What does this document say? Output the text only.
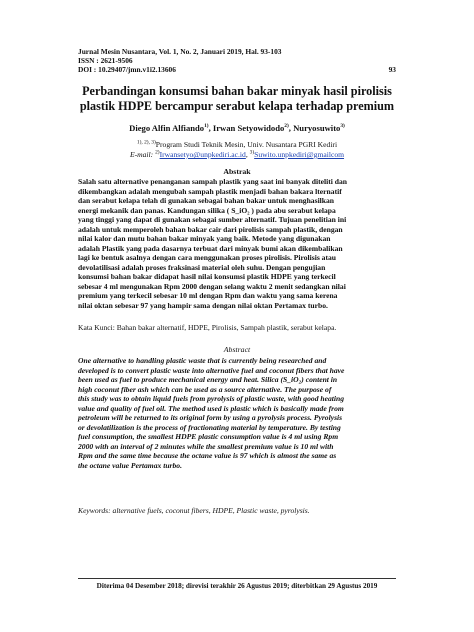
Jurnal Mesin Nusantara, Vol. 1, No. 2, Januari 2019, Hal. 93-103
ISSN : 2621-9506
DOI : 10.29407/jmn.v1i2.13606	93
Perbandingan konsumsi bahan bakar minyak hasil pirolisis
plastik HDPE bercampur serabut kelapa terhadap premium
Diego Alfin Alfiando$^{1)}$, Irwan Setyowidodo$^{2)}$, Nuryosuwito$^{3)}$
$^{1), 2), 3)}$Program Studi Teknik Mesin, Univ. Nusantara PGRI Kediri
E-mail: $^{2)}$Irwansetyo@unpkediri.ac.id, $^{3)}$Suwito.unpkediri@gmailcom
Abstrak
Salah satu alternative penanganan sampah plastik yang saat ini banyak diteliti dan
dikembangkan adalah mengubah sampah plastik menjadi bahan bakara lternatif
dan serabut kelapa telah di gunakan sebagai bahan bakar untuk menghasilkan
energi mekanik dan panas. Kandungan silika ( S_iO₂ ) pada abu serabut kelapa
yang tinggi yang dapat di gunakan sebagai sumber alternatif. Tujuan penelitian ini
adalah untuk memperoleh bahan bakar cair dari pirolisis sampah plastik, dengan
nilai kalor dan mutu bahan bakar minyak yang baik. Metode yang digunakan
adalah Plastik yang pada dasarnya terbuat dari minyak bumi akan dikembalikan
lagi ke bentuk asalnya dengan cara menggunakan proses pirolisis. Pirolisis atau
devolatilisasi adalah proses fraksinasi material oleh suhu. Dengan pengujian
konsumsi bahan bakar didapat hasil nilai konsumsi plastik HDPE yang terkecil
sebesar 4 ml mengunakan Rpm 2000 dengan selang waktu 2 menit sedangkan nilai
premium yang terkecil sebesar 10 ml dengan Rpm dan waktu yang sama kerena
nilai oktan sebesar 97 yang hampir sama dengan nilai oktan Pertamax turbo.
Kata Kunci: Bahan bakar alternatif, HDPE, Pirolisis, Sampah plastik, serabut kelapa.
Abstract
One alternative to handling plastic waste that is currently being researched and
developed is to convert plastic waste into alternative fuel and coconut fibers that have
been used as fuel to produce mechanical energy and heat. Silica (S_iO₂) content in
high coconut fiber ash which can be used as a source alternative. The purpose of
this study was to obtain liquid fuels from pyrolysis of plastic waste, with good heating
value and quality of fuel oil. The method used is plastic which is basically made from
petroleum will be returned to its original form by using a pyrolysis process. Pyrolysis
or devolatilization is the process of fractionating material by temperature. By testing
fuel consumption, the smallest HDPE plastic consumption value is 4 ml using Rpm
2000 with an interval of 2 minutes while the smallest premium value is 10 ml with
Rpm and the same time because the octane value is 97 which is almost the same as
the octane value Pertamax turbo.
Keywords: alternative fuels, coconut fibers, HDPE, Plastic waste, pyrolysis.
Diterima 04 Desember 2018; direvisi terakhir 26 Agustus 2019; diterbitkan 29 Agustus 2019
